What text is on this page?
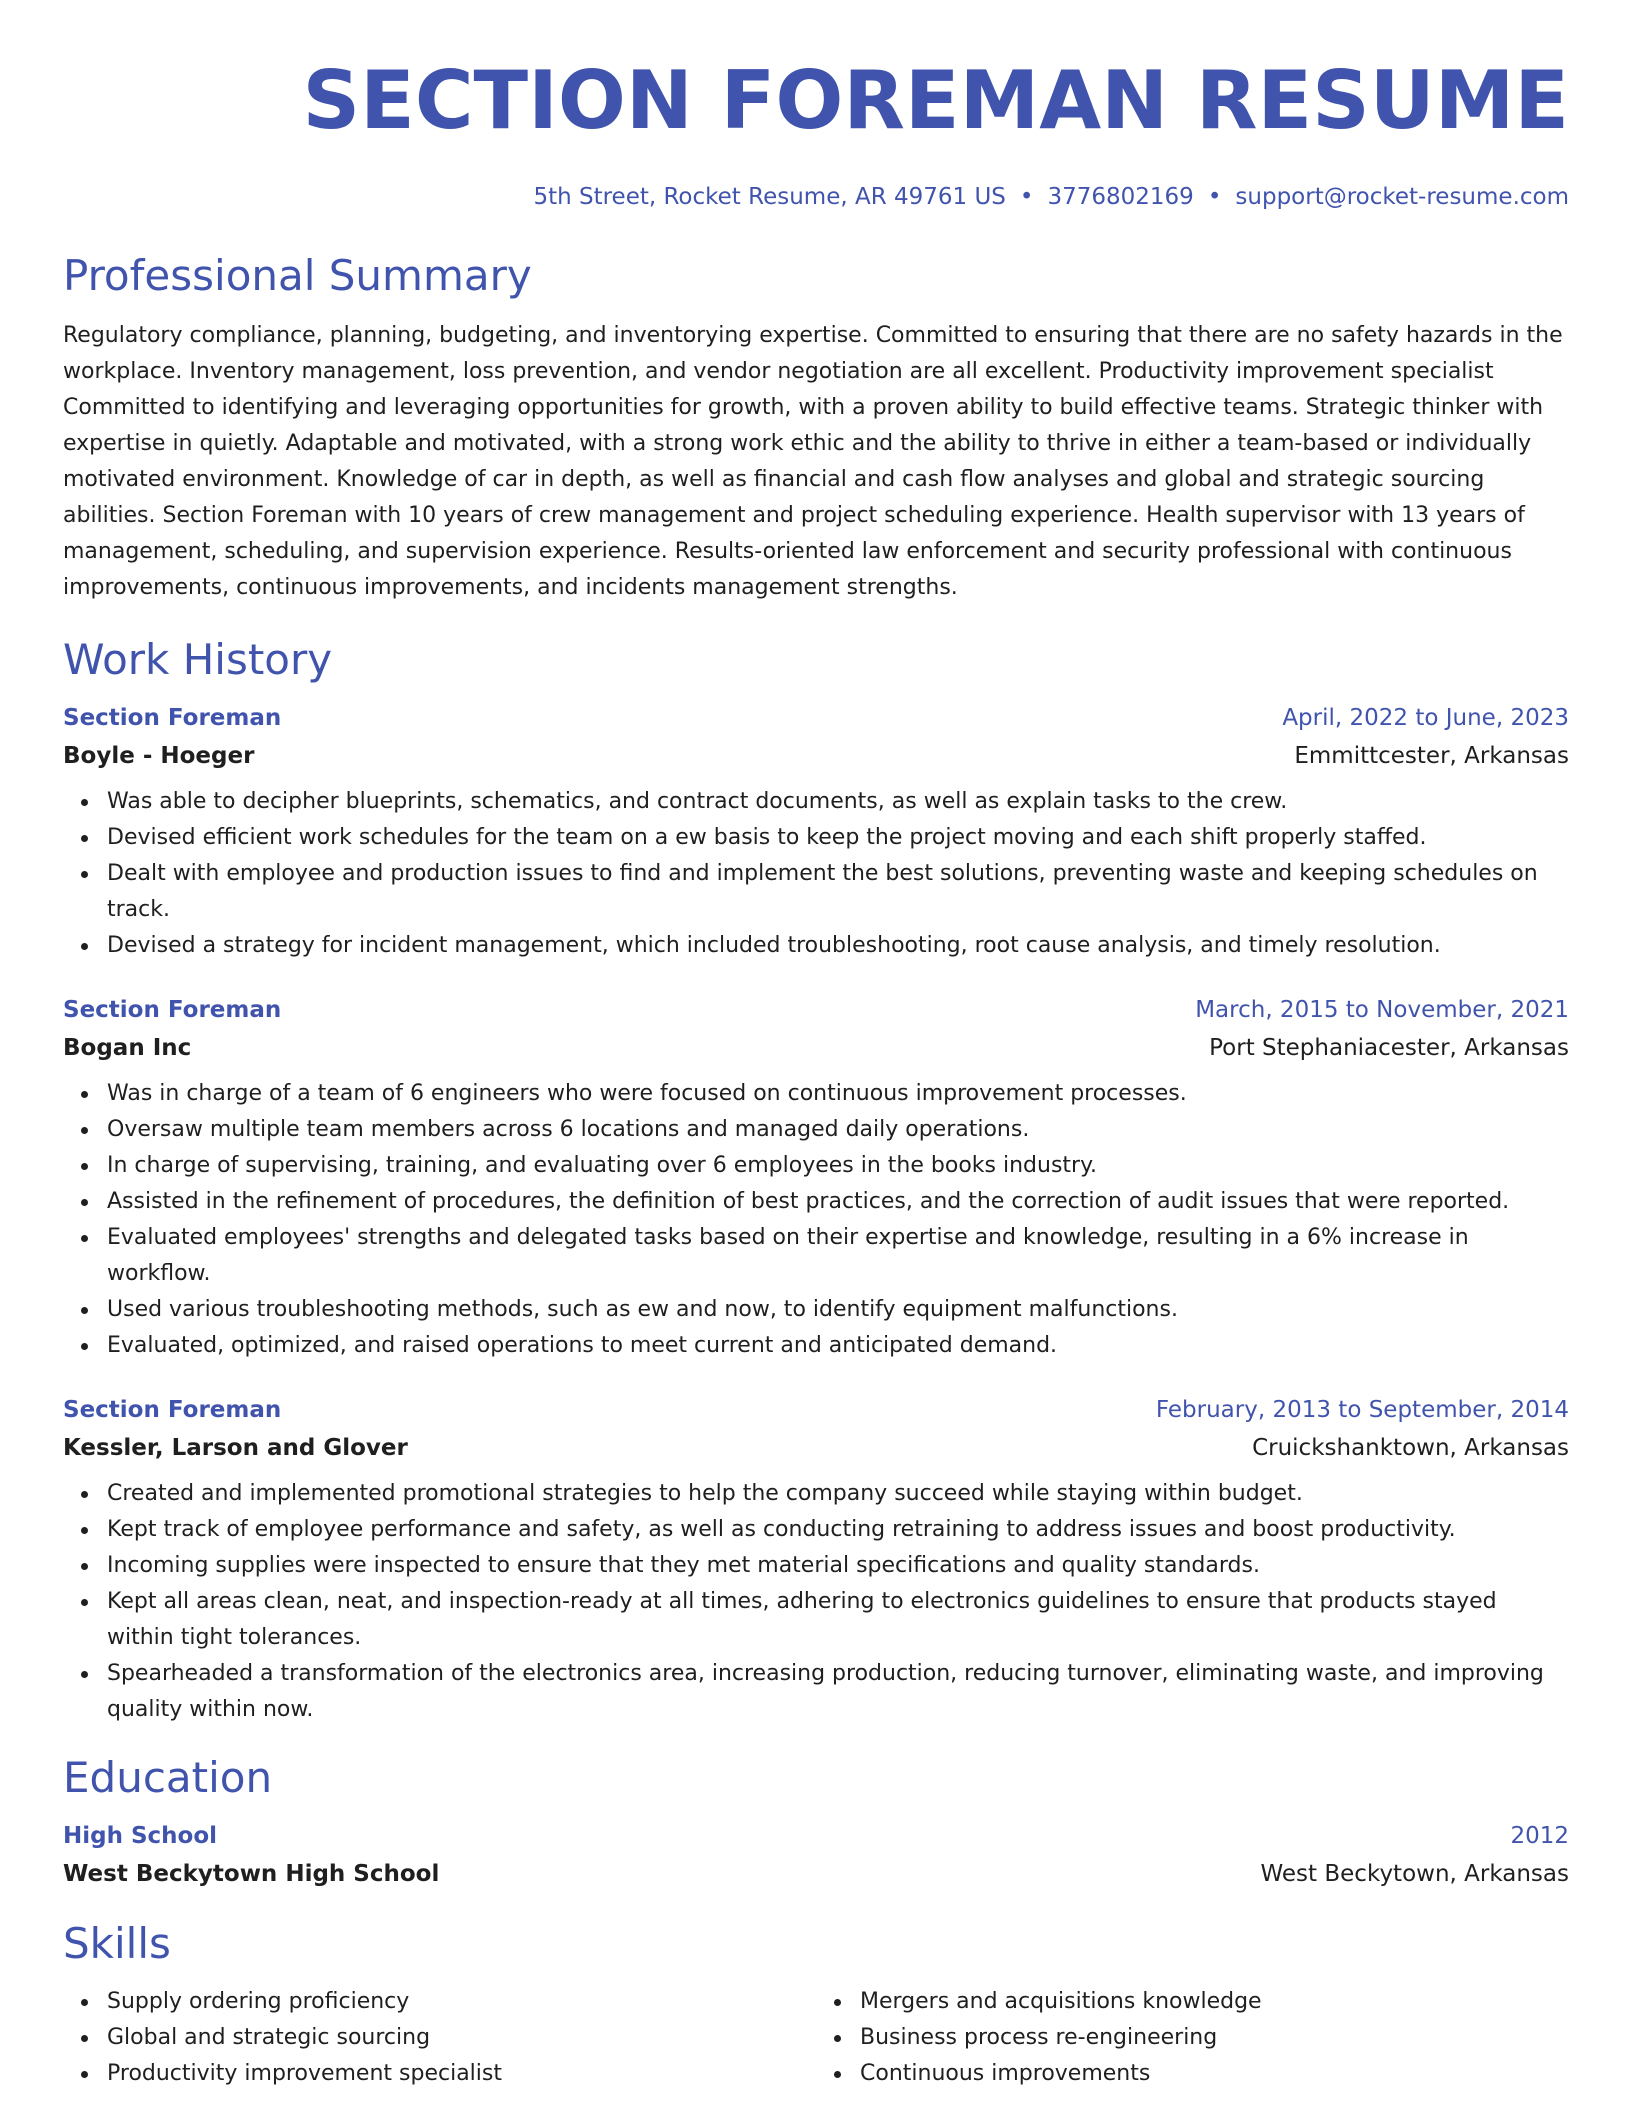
SECTION FOREMAN RESUME
5th Street, Rocket Resume, AR 49761 US • 3776802169 • support@rocket-resume.com
Professional Summary

Regulatory compliance, planning, budgeting, and inventorying expertise. Committed to ensuring that there are no safety hazards in the workplace. Inventory management, loss prevention, and vendor negotiation are all excellent. Productivity improvement specialist Committed to identifying and leveraging opportunities for growth, with a proven ability to build effective teams. Strategic thinker with expertise in quietly. Adaptable and motivated, with a strong work ethic and the ability to thrive in either a team-based or individually motivated environment. Knowledge of car in depth, as well as financial and cash flow analyses and global and strategic sourcing abilities. Section Foreman with 10 years of crew management and project scheduling experience. Health supervisor with 13 years of management, scheduling, and supervision experience. Results-oriented law enforcement and security professional with continuous improvements, continuous improvements, and incidents management strengths.

Work History
Section Foreman	April, 2022 to June, 2023
Boyle - Hoeger	Emmittcester, Arkansas
Was able to decipher blueprints, schematics, and contract documents, as well as explain tasks to the crew.
Devised efficient work schedules for the team on a ew basis to keep the project moving and each shift properly staffed.
Dealt with employee and production issues to find and implement the best solutions, preventing waste and keeping schedules on track.
Devised a strategy for incident management, which included troubleshooting, root cause analysis, and timely resolution.
Section Foreman	March, 2015 to November, 2021
Bogan Inc	Port Stephaniacester, Arkansas
Was in charge of a team of 6 engineers who were focused on continuous improvement processes.
Oversaw multiple team members across 6 locations and managed daily operations.
In charge of supervising, training, and evaluating over 6 employees in the books industry.
Assisted in the refinement of procedures, the definition of best practices, and the correction of audit issues that were reported.
Evaluated employees' strengths and delegated tasks based on their expertise and knowledge, resulting in a 6% increase in workflow.
Used various troubleshooting methods, such as ew and now, to identify equipment malfunctions.
Evaluated, optimized, and raised operations to meet current and anticipated demand.
Section Foreman	February, 2013 to September, 2014
Kessler, Larson and Glover	Cruickshanktown, Arkansas
Created and implemented promotional strategies to help the company succeed while staying within budget.
Kept track of employee performance and safety, as well as conducting retraining to address issues and boost productivity.
Incoming supplies were inspected to ensure that they met material specifications and quality standards.
Kept all areas clean, neat, and inspection-ready at all times, adhering to electronics guidelines to ensure that products stayed within tight tolerances.
Spearheaded a transformation of the electronics area, increasing production, reducing turnover, eliminating waste, and improving quality within now.
Education
High School	2012
West Beckytown High School	West Beckytown, Arkansas
Skills
Supply ordering proficiency
Global and strategic sourcing
Productivity improvement specialist
Mergers and acquisitions knowledge
Business process re-engineering
Continuous improvements
